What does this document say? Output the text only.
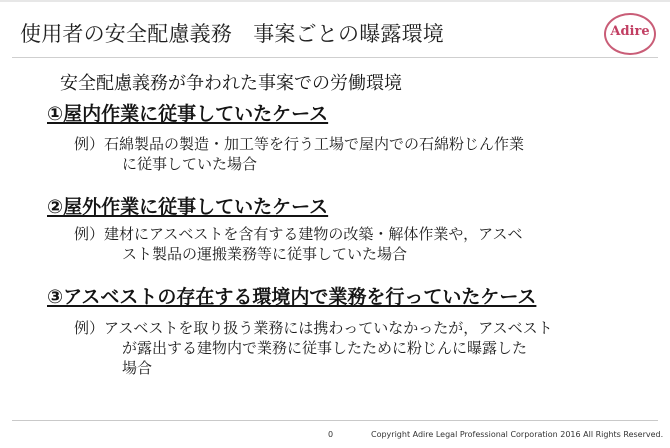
使用者の安全配慮義務　事案ごとの曝露環境	Adire
安全配慮義務が争われた事案での労働環境
①屋内作業に従事していたケース
例）石綿製品の製造・加工等を行う工場で屋内での石綿粉じん作業
に従事していた場合
②屋外作業に従事していたケース
例）建材にアスベストを含有する建物の改築・解体作業や，アスベ
スト製品の運搬業務等に従事していた場合
③アスベストの存在する環境内で業務を行っていたケース
例）アスベストを取り扱う業務には携わっていなかったが，アスベスト
が露出する建物内で業務に従事したために粉じんに曝露した
場合
0	Copyright Adire Legal Professional Corporation 2016 All Rights Reserved.
